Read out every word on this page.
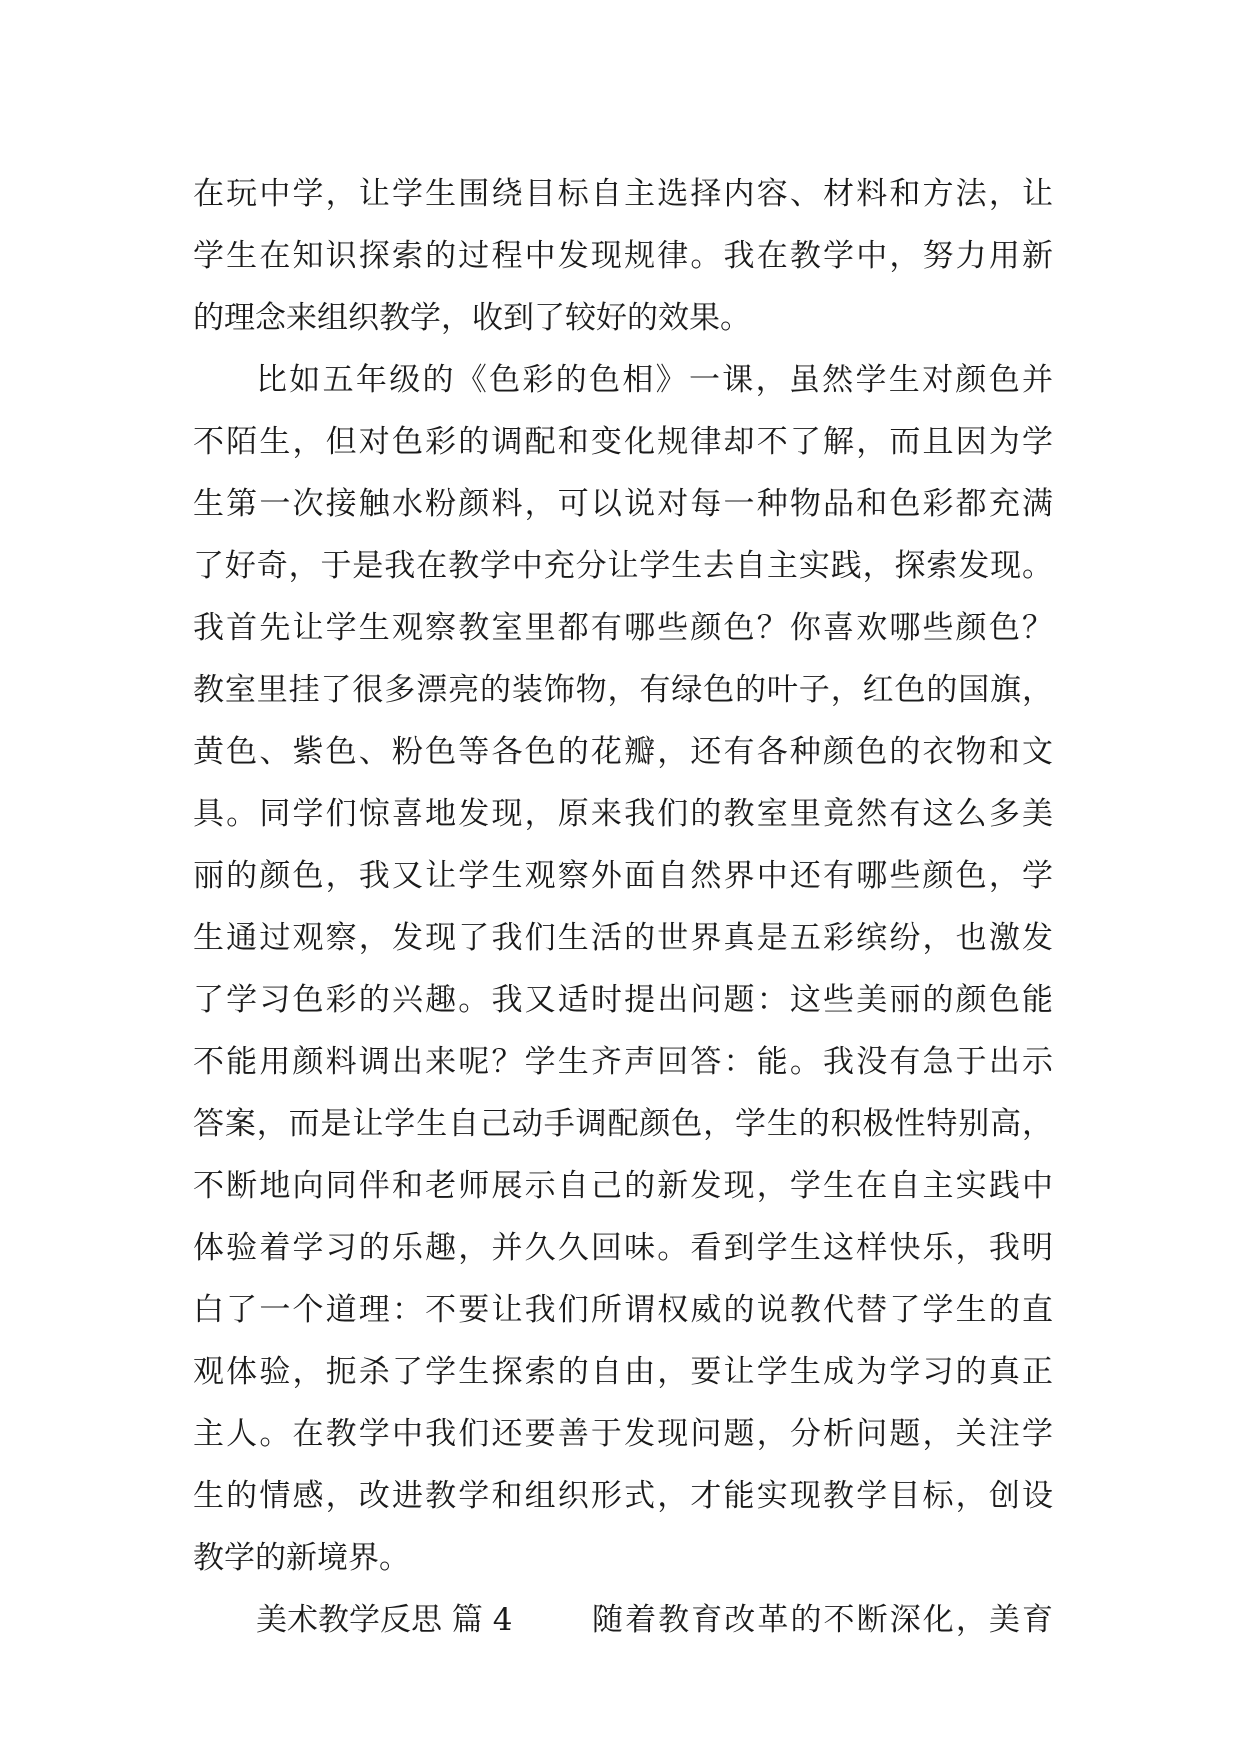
在玩中学，让学生围绕目标自主选择内容、材料和方法，让
学生在知识探索的过程中发现规律。我在教学中，努力用新
的理念来组织教学，收到了较好的效果。
比如五年级的《色彩的色相》一课，虽然学生对颜色并
不陌生，但对色彩的调配和变化规律却不了解，而且因为学
生第一次接触水粉颜料，可以说对每一种物品和色彩都充满
了好奇，于是我在教学中充分让学生去自主实践，探索发现。
我首先让学生观察教室里都有哪些颜色？你喜欢哪些颜色？
教室里挂了很多漂亮的装饰物，有绿色的叶子，红色的国旗，
黄色、紫色、粉色等各色的花瓣，还有各种颜色的衣物和文
具。同学们惊喜地发现，原来我们的教室里竟然有这么多美
丽的颜色，我又让学生观察外面自然界中还有哪些颜色，学
生通过观察，发现了我们生活的世界真是五彩缤纷，也激发
了学习色彩的兴趣。我又适时提出问题：这些美丽的颜色能
不能用颜料调出来呢？学生齐声回答：能。我没有急于出示
答案，而是让学生自己动手调配颜色，学生的积极性特别高，
不断地向同伴和老师展示自己的新发现，学生在自主实践中
体验着学习的乐趣，并久久回味。看到学生这样快乐，我明
白了一个道理：不要让我们所谓权威的说教代替了学生的直
观体验，扼杀了学生探索的自由，要让学生成为学习的真正
主人。在教学中我们还要善于发现问题，分析问题，关注学
生的情感，改进教学和组织形式，才能实现教学目标，创设
教学的新境界。
美术教学反思 篇 4	随着教育改革的不断深化，美育
